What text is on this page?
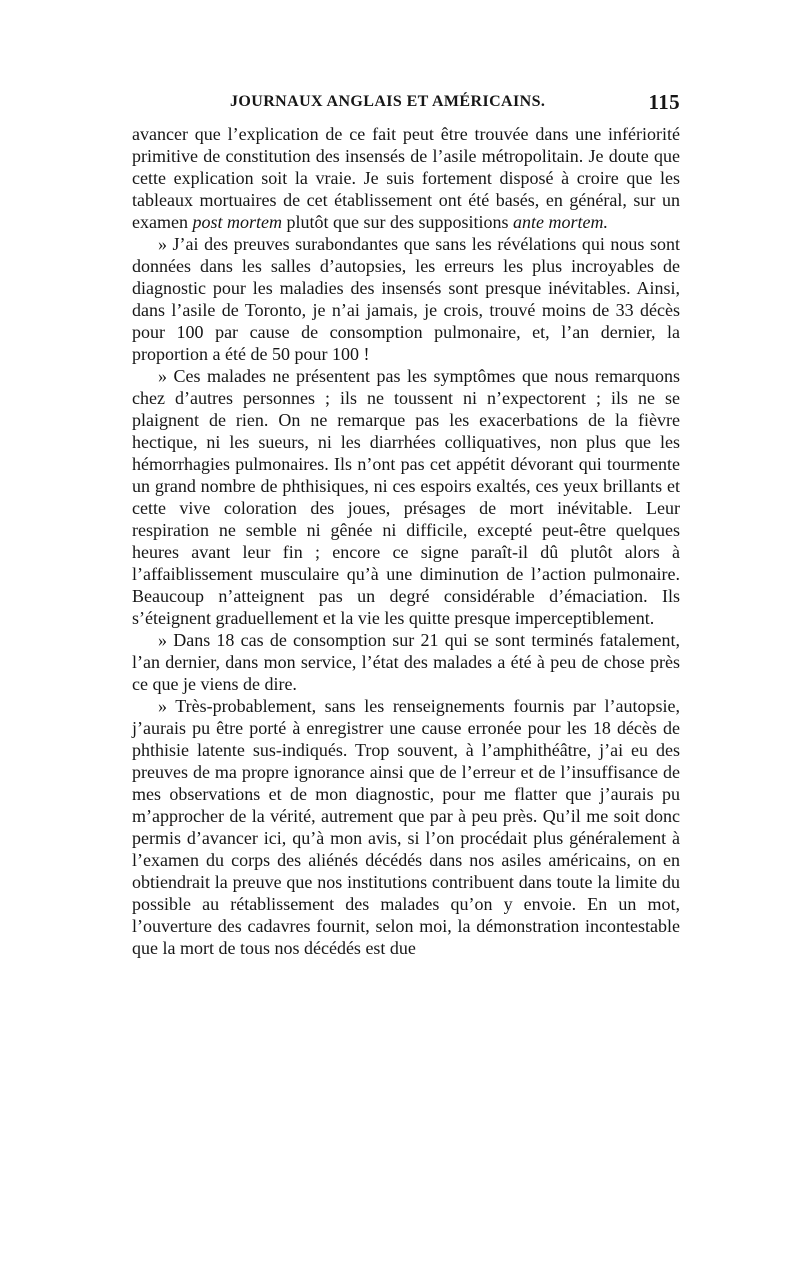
JOURNAUX ANGLAIS ET AMÉRICAINS.	115

avancer que l’explication de ce fait peut être trouvée dans une infériorité primitive de constitution des insensés de l’asile métropolitain. Je doute que cette explication soit la vraie. Je suis fortement disposé à croire que les tableaux mortuaires de cet établissement ont été basés, en général, sur un examen post mortem plutôt que sur des suppositions ante mortem.

» J’ai des preuves surabondantes que sans les révélations qui nous sont données dans les salles d’autopsies, les erreurs les plus incroyables de diagnostic pour les maladies des insensés sont presque inévitables. Ainsi, dans l’asile de Toronto, je n’ai jamais, je crois, trouvé moins de 33 décès pour 100 par cause de consomption pulmonaire, et, l’an dernier, la proportion a été de 50 pour 100 !

» Ces malades ne présentent pas les symptômes que nous remarquons chez d’autres personnes ; ils ne toussent ni n’expectorent ; ils ne se plaignent de rien. On ne remarque pas les exacerbations de la fièvre hectique, ni les sueurs, ni les diarrhées colliquatives, non plus que les hémorrhagies pulmonaires. Ils n’ont pas cet appétit dévorant qui tourmente un grand nombre de phthisiques, ni ces espoirs exaltés, ces yeux brillants et cette vive coloration des joues, présages de mort inévitable. Leur respiration ne semble ni gênée ni difficile, excepté peut-être quelques heures avant leur fin ; encore ce signe paraît-il dû plutôt alors à l’affaiblissement musculaire qu’à une diminution de l’action pulmonaire. Beaucoup n’atteignent pas un degré considérable d’émaciation. Ils s’éteignent graduellement et la vie les quitte presque imperceptiblement.

» Dans 18 cas de consomption sur 21 qui se sont terminés fatalement, l’an dernier, dans mon service, l’état des malades a été à peu de chose près ce que je viens de dire.

» Très-probablement, sans les renseignements fournis par l’autopsie, j’aurais pu être porté à enregistrer une cause erronée pour les 18 décès de phthisie latente sus-indiqués. Trop souvent, à l’amphithéâtre, j’ai eu des preuves de ma propre ignorance ainsi que de l’erreur et de l’insuffisance de mes observations et de mon diagnostic, pour me flatter que j’aurais pu m’approcher de la vérité, autrement que par à peu près. Qu’il me soit donc permis d’avancer ici, qu’à mon avis, si l’on procédait plus généralement à l’examen du corps des aliénés décédés dans nos asiles américains, on en obtiendrait la preuve que nos institutions contribuent dans toute la limite du possible au rétablissement des malades qu’on y envoie. En un mot, l’ouverture des cadavres fournit, selon moi, la démonstration incontestable que la mort de tous nos décédés est due
